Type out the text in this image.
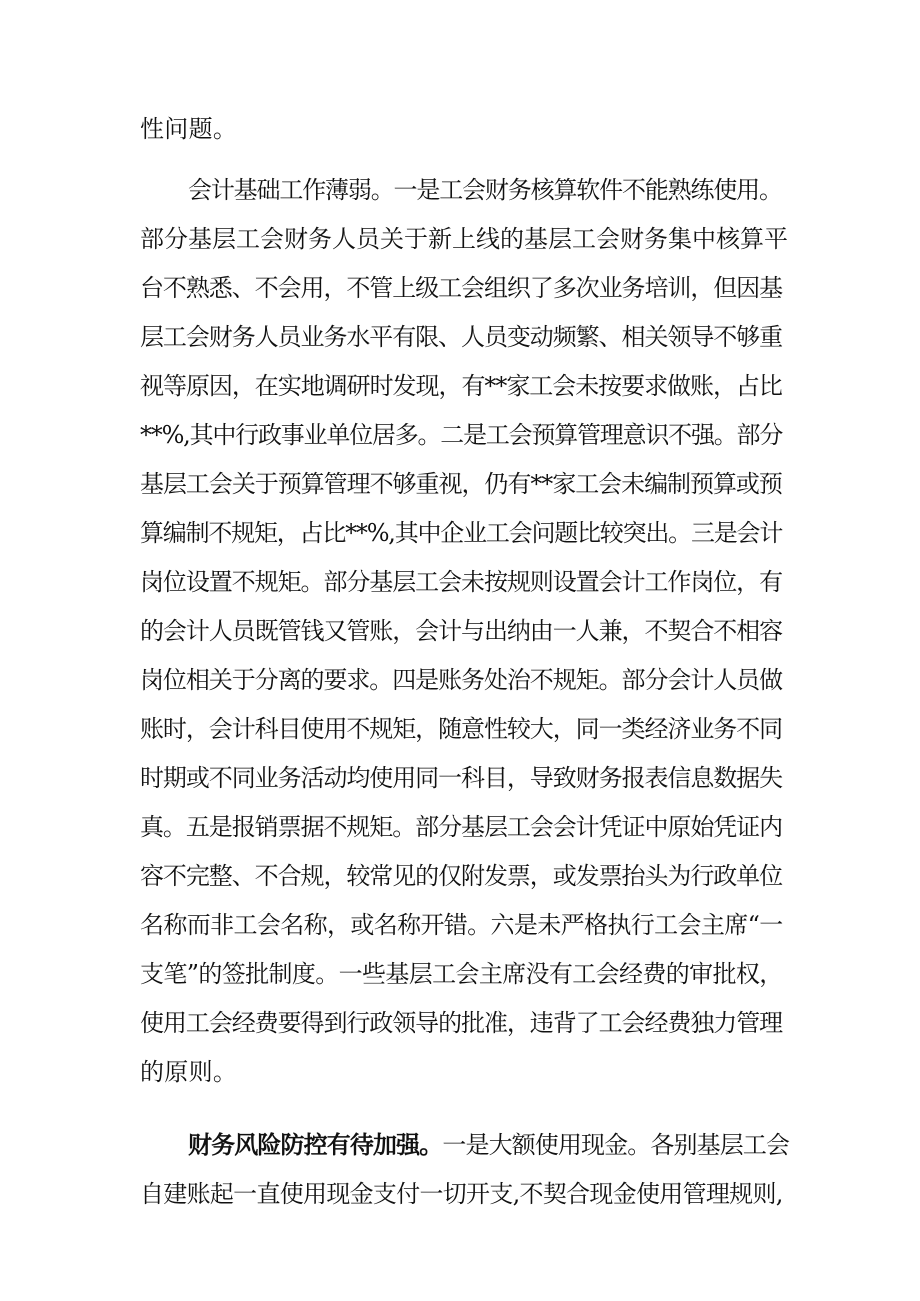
性问题。
会计基础工作薄弱。一是工会财务核算软件不能熟练使用。
部分基层工会财务人员关于新上线的基层工会财务集中核算平
台不熟悉、不会用，不管上级工会组织了多次业务培训，但因基
层工会财务人员业务水平有限、人员变动频繁、相关领导不够重
视等原因，在实地调研时发现，有**家工会未按要求做账，占比
**%,其中行政事业单位居多。二是工会预算管理意识不强。部分
基层工会关于预算管理不够重视，仍有**家工会未编制预算或预
算编制不规矩，占比**%,其中企业工会问题比较突出。三是会计
岗位设置不规矩。部分基层工会未按规则设置会计工作岗位，有
的会计人员既管钱又管账，会计与出纳由一人兼，不契合不相容
岗位相关于分离的要求。四是账务处治不规矩。部分会计人员做
账时，会计科目使用不规矩，随意性较大，同一类经济业务不同
时期或不同业务活动均使用同一科目，导致财务报表信息数据失
真。五是报销票据不规矩。部分基层工会会计凭证中原始凭证内
容不完整、不合规，较常见的仅附发票，或发票抬头为行政单位
名称而非工会名称，或名称开错。六是未严格执行工会主席“一
支笔”的签批制度。一些基层工会主席没有工会经费的审批权，
使用工会经费要得到行政领导的批准，违背了工会经费独力管理
的原则。
财务风险防控有待加强。一是大额使用现金。各别基层工会
自建账起一直使用现金支付一切开支,不契合现金使用管理规则,
